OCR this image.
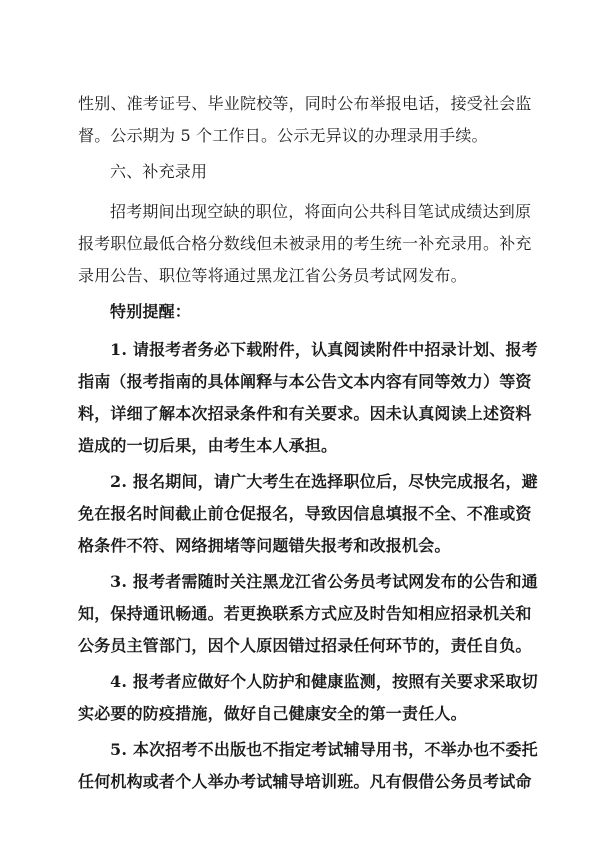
性别、准考证号、毕业院校等，同时公布举报电话，接受社会监
督。公示期为 5 个工作日。公示无异议的办理录用手续。
六、补充录用
招考期间出现空缺的职位，将面向公共科目笔试成绩达到原
报考职位最低合格分数线但未被录用的考生统一补充录用。补充
录用公告、职位等将通过黑龙江省公务员考试网发布。
特别提醒：
1. 请报考者务必下载附件，认真阅读附件中招录计划、报考
指南（报考指南的具体阐释与本公告文本内容有同等效力）等资
料，详细了解本次招录条件和有关要求。因未认真阅读上述资料
造成的一切后果，由考生本人承担。
2. 报名期间，请广大考生在选择职位后，尽快完成报名，避
免在报名时间截止前仓促报名，导致因信息填报不全、不准或资
格条件不符、网络拥堵等问题错失报考和改报机会。
3. 报考者需随时关注黑龙江省公务员考试网发布的公告和通
知，保持通讯畅通。若更换联系方式应及时告知相应招录机关和
公务员主管部门，因个人原因错过招录任何环节的，责任自负。
4. 报考者应做好个人防护和健康监测，按照有关要求采取切
实必要的防疫措施，做好自己健康安全的第一责任人。
5. 本次招考不出版也不指定考试辅导用书，不举办也不委托
任何机构或者个人举办考试辅导培训班。凡有假借公务员考试命
